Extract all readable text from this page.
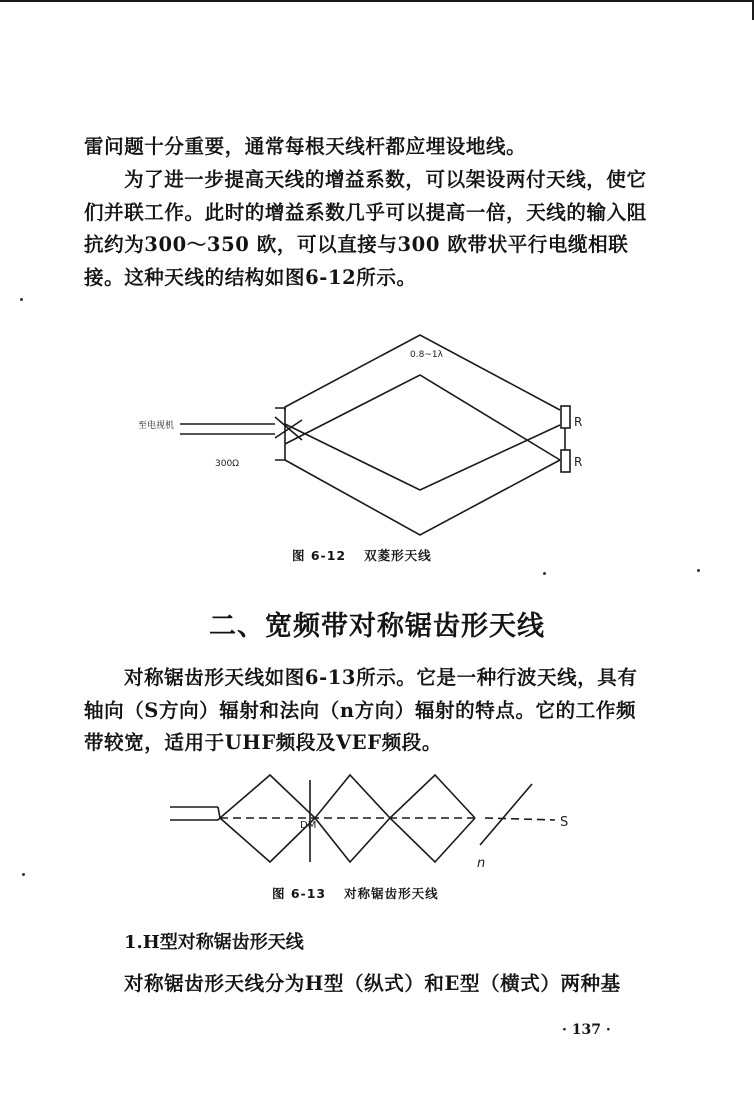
雷问题十分重要，通常每根天线杆都应埋设地线。

为了进一步提高天线的增益系数，可以架设两付天线，使它们并联工作。此时的增益系数几乎可以提高一倍，天线的输入阻抗约为300～350 欧，可以直接与300 欧带状平行电缆相联接。这种天线的结构如图6-12所示。

至电视机
300Ω
0.8~1λ
R
R
图 6-12 双菱形天线
二、宽频带对称锯齿形天线

对称锯齿形天线如图6-13所示。它是一种行波天线，具有轴向（S方向）辐射和法向（n方向）辐射的特点。它的工作频带较宽，适用于UHF频段及VEF频段。

DM	S
n
图 6-13 对称锯齿形天线
1.H型对称锯齿形天线

对称锯齿形天线分为H型（纵式）和E型（横式）两种基

· 137 ·
